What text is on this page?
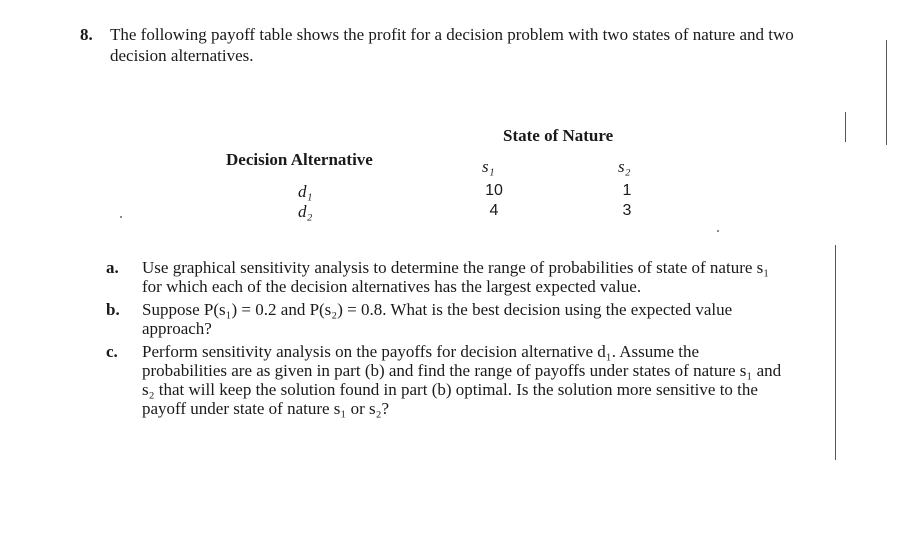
8. The following payoff table shows the profit for a decision problem with two states of nature and two decision alternatives.
State of Nature
Decision Alternative	s₁	s₂
d₁	10	1
d₂	4	3
a. Use graphical sensitivity analysis to determine the range of probabilities of state of nature s₁ for which each of the decision alternatives has the largest expected value.
b. Suppose P(s₁) = 0.2 and P(s₂) = 0.8. What is the best decision using the expected value approach?
c. Perform sensitivity analysis on the payoffs for decision alternative d₁. Assume the probabilities are as given in part (b) and find the range of payoffs under states of nature s₁ and s₂ that will keep the solution found in part (b) optimal. Is the solution more sensitive to the payoff under state of nature s₁ or s₂?
